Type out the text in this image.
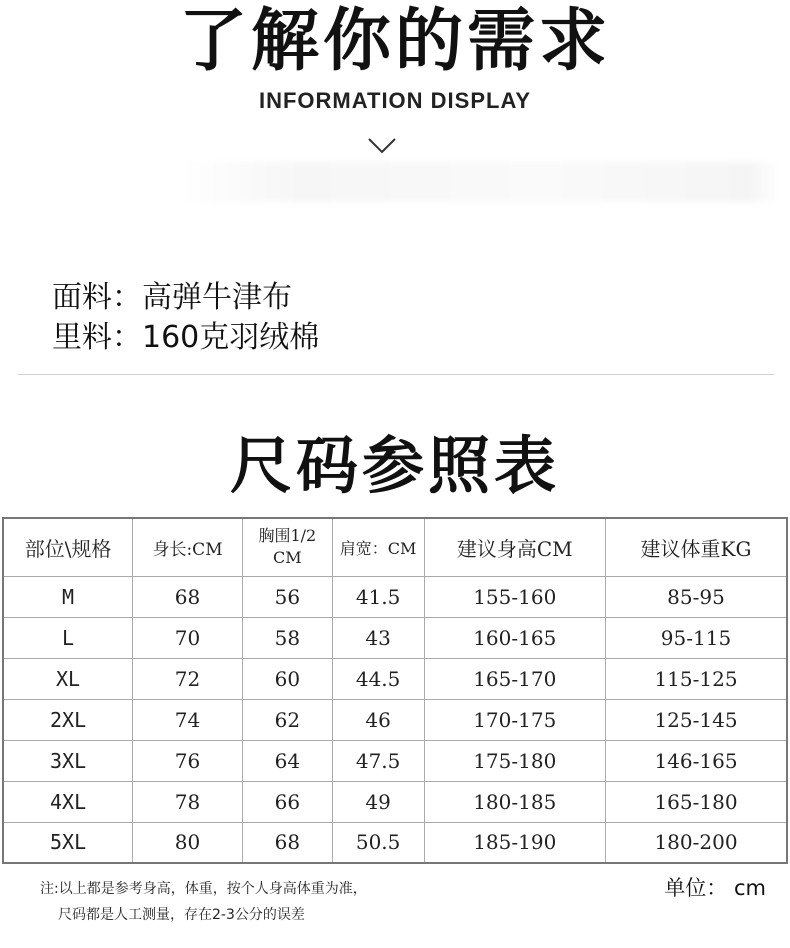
了解你的需求
INFORMATION DISPLAY
面料：高弹牛津布
里料：160克羽绒棉
尺码参照表
部位\规格	身长:CM	胸围1/2 CM	肩宽：CM	建议身高CM	建议体重KG
M	68	56	41.5	155-160	85-95
L	70	58	43	160-165	95-115
XL	72	60	44.5	165-170	115-125
2XL	74	62	46	170-175	125-145
3XL	76	64	47.5	175-180	146-165
4XL	78	66	49	180-185	165-180
5XL	80	68	50.5	185-190	180-200
注:以上都是参考身高，体重，按个人身高体重为准，
尺码都是人工测量，存在2-3公分的误差
单位： cm
